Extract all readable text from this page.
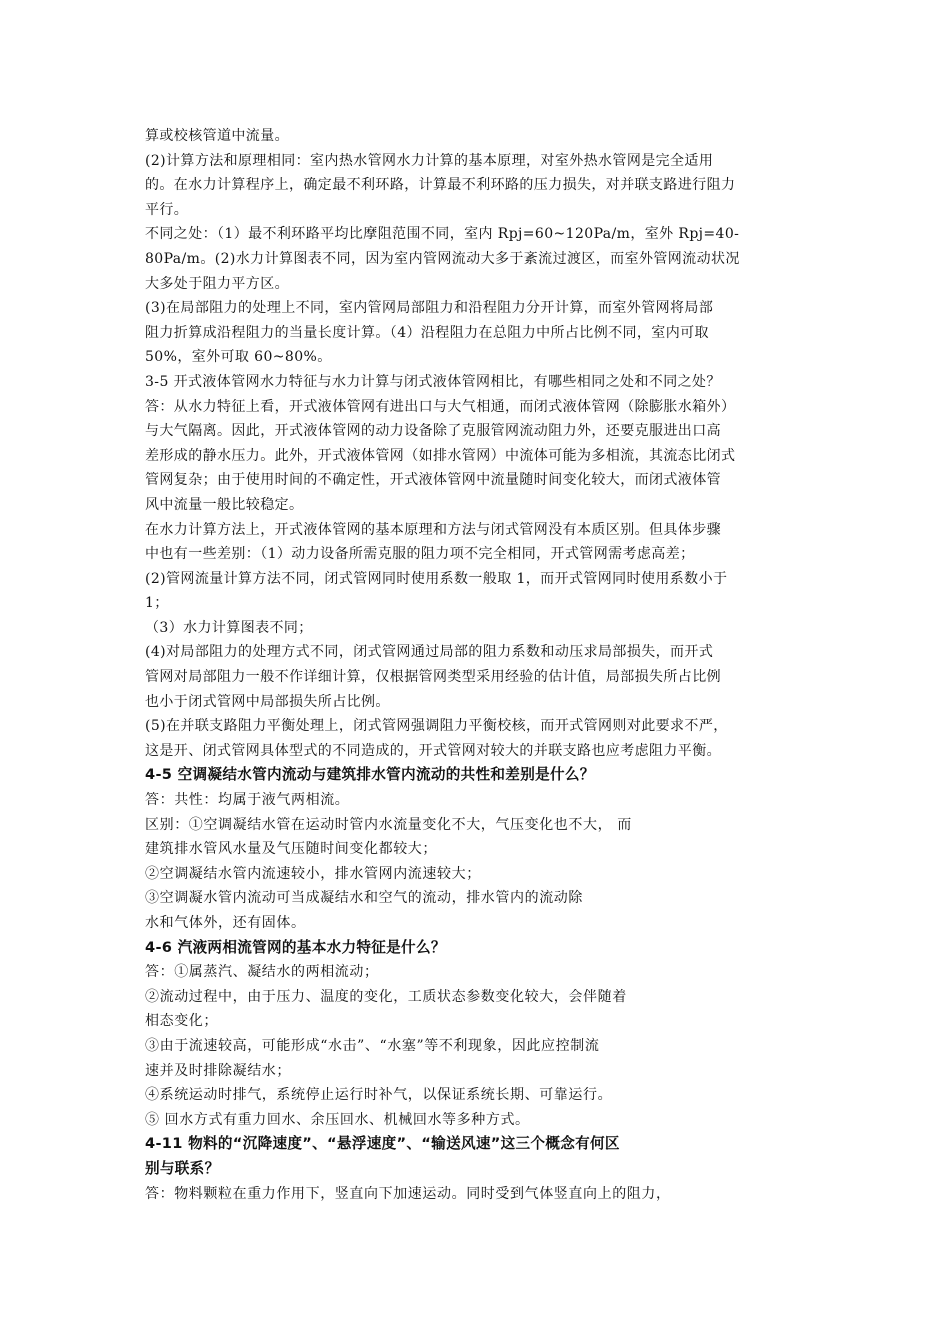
算或校核管道中流量。
(2)计算方法和原理相同：室内热水管网水力计算的基本原理，对室外热水管网是完全适用
的。在水力计算程序上，确定最不利环路，计算最不利环路的压力损失，对并联支路进行阻力
平行。
不同之处：（1）最不利环路平均比摩阻范围不同，室内 Rpj=60~120Pa/m，室外 Rpj=40-
80Pa/m。(2)水力计算图表不同，因为室内管网流动大多于紊流过渡区，而室外管网流动状况
大多处于阻力平方区。
(3)在局部阻力的处理上不同，室内管网局部阻力和沿程阻力分开计算，而室外管网将局部
阻力折算成沿程阻力的当量长度计算。（4）沿程阻力在总阻力中所占比例不同，室内可取
50%，室外可取 60~80%。
3-5 开式液体管网水力特征与水力计算与闭式液体管网相比，有哪些相同之处和不同之处？
答：从水力特征上看，开式液体管网有进出口与大气相通，而闭式液体管网（除膨胀水箱外）
与大气隔离。因此，开式液体管网的动力设备除了克服管网流动阻力外，还要克服进出口高
差形成的静水压力。此外，开式液体管网（如排水管网）中流体可能为多相流，其流态比闭式
管网复杂；由于使用时间的不确定性，开式液体管网中流量随时间变化较大，而闭式液体管
风中流量一般比较稳定。
在水力计算方法上，开式液体管网的基本原理和方法与闭式管网没有本质区别。但具体步骤
中也有一些差别：（1）动力设备所需克服的阻力项不完全相同，开式管网需考虑高差；
(2)管网流量计算方法不同，闭式管网同时使用系数一般取 1，而开式管网同时使用系数小于
1；
（3）水力计算图表不同；
(4)对局部阻力的处理方式不同，闭式管网通过局部的阻力系数和动压求局部损失，而开式
管网对局部阻力一般不作详细计算，仅根据管网类型采用经验的估计值，局部损失所占比例
也小于闭式管网中局部损失所占比例。
(5)在并联支路阻力平衡处理上，闭式管网强调阻力平衡校核，而开式管网则对此要求不严，
这是开、闭式管网具体型式的不同造成的，开式管网对较大的并联支路也应考虑阻力平衡。
4-5 空调凝结水管内流动与建筑排水管内流动的共性和差别是什么？
答：共性：均属于液气两相流。
区别：①空调凝结水管在运动时管内水流量变化不大，气压变化也不大， 而
建筑排水管风水量及气压随时间变化都较大；
②空调凝结水管内流速较小，排水管网内流速较大；
③空调凝水管内流动可当成凝结水和空气的流动，排水管内的流动除
水和气体外，还有固体。
4-6 汽液两相流管网的基本水力特征是什么？
答：①属蒸汽、凝结水的两相流动；
②流动过程中，由于压力、温度的变化，工质状态参数变化较大，会伴随着
相态变化；
③由于流速较高，可能形成“水击”、“水塞”等不利现象，因此应控制流
速并及时排除凝结水；
④系统运动时排气，系统停止运行时补气，以保证系统长期、可靠运行。
⑤ 回水方式有重力回水、余压回水、机械回水等多种方式。
4-11 物料的“沉降速度”、“悬浮速度”、“输送风速”这三个概念有何区
别与联系？
答：物料颗粒在重力作用下，竖直向下加速运动。同时受到气体竖直向上的阻力，
